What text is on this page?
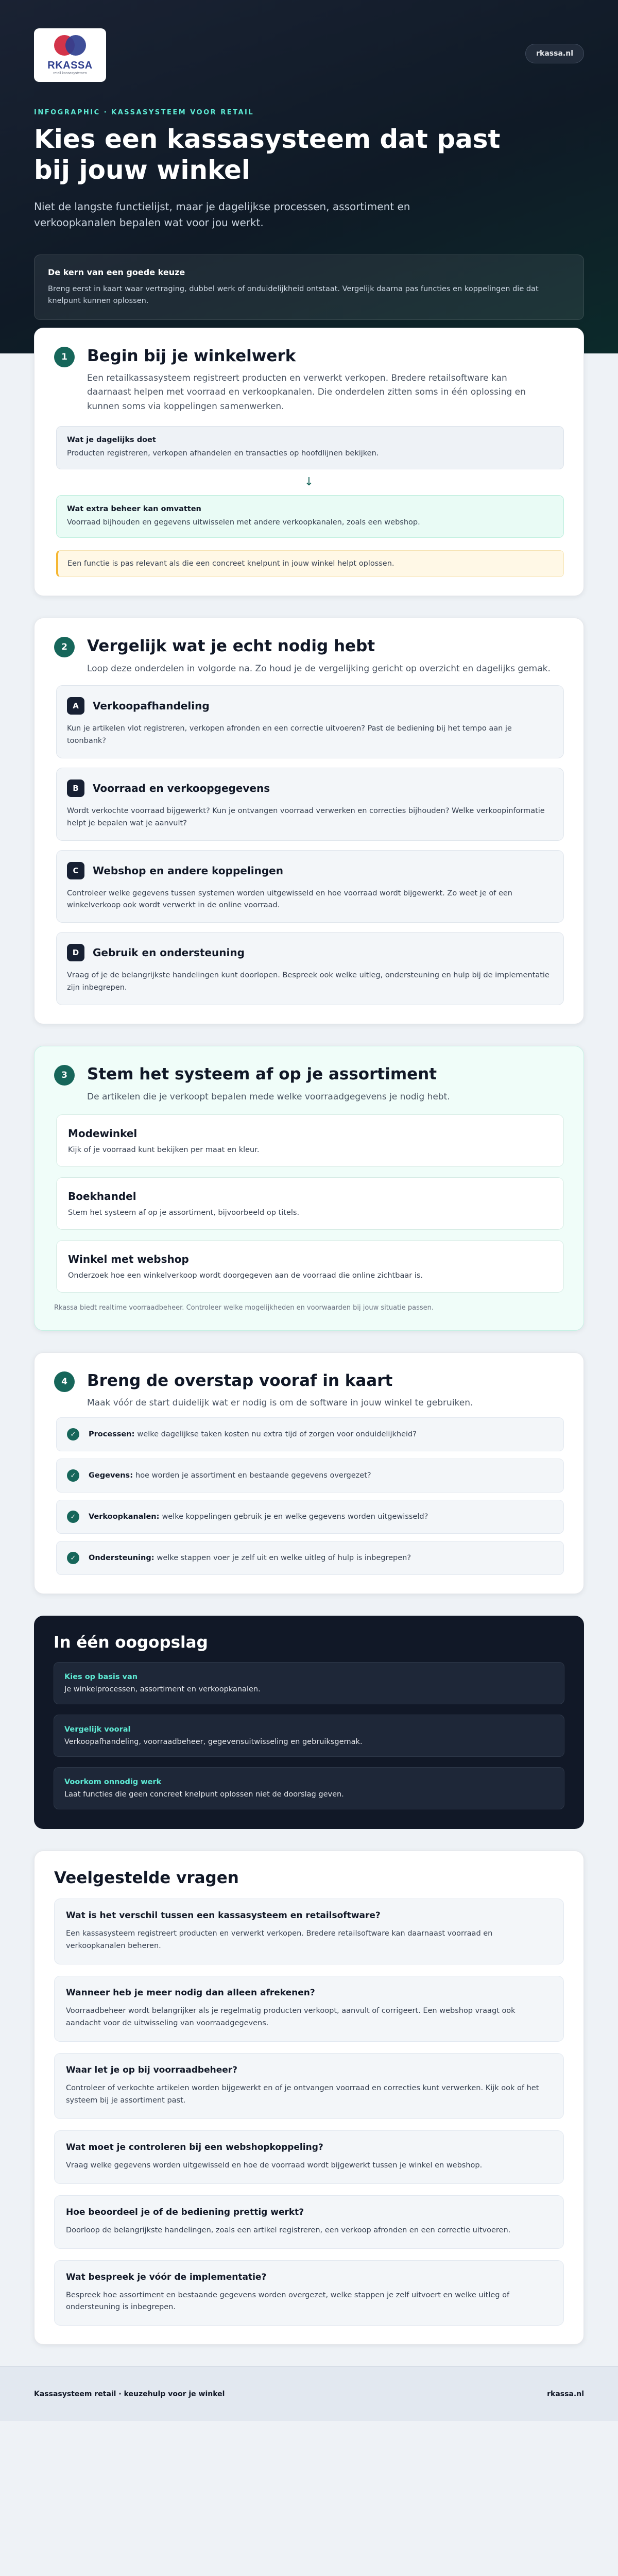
RKASSA
retail kassasystemen
rkassa.nl
INFOGRAPHIC · KASSASYSTEEM VOOR RETAIL
Kies een kassasysteem dat past bij jouw winkel

Niet de langste functielijst, maar je dagelijkse processen, assortiment en verkoopkanalen bepalen wat voor jou werkt.

De kern van een goede keuze

Breng eerst in kaart waar vertraging, dubbel werk of onduidelijkheid ontstaat. Vergelijk daarna pas functies en koppelingen die dat knelpunt kunnen oplossen.

1	Begin bij je winkelwerk

Een retailkassasysteem registreert producten en verwerkt verkopen. Bredere retailsoftware kan daarnaast helpen met voorraad en verkoopkanalen. Die onderdelen zitten soms in één oplossing en kunnen soms via koppelingen samenwerken.

Wat je dagelijks doet

Producten registreren, verkopen afhandelen en transacties op hoofdlijnen bekijken.

↓
Wat extra beheer kan omvatten

Voorraad bijhouden en gegevens uitwisselen met andere verkoopkanalen, zoals een webshop.

Een functie is pas relevant als die een concreet knelpunt in jouw winkel helpt oplossen.
2	Vergelijk wat je echt nodig hebt

Loop deze onderdelen in volgorde na. Zo houd je de vergelijking gericht op overzicht en dagelijks gemak.

A	Verkoopafhandeling

Kun je artikelen vlot registreren, verkopen afronden en een correctie uitvoeren? Past de bediening bij het tempo aan je toonbank?

B	Voorraad en verkoopgegevens

Wordt verkochte voorraad bijgewerkt? Kun je ontvangen voorraad verwerken en correcties bijhouden? Welke verkoopinformatie helpt je bepalen wat je aanvult?

C	Webshop en andere koppelingen

Controleer welke gegevens tussen systemen worden uitgewisseld en hoe voorraad wordt bijgewerkt. Zo weet je of een winkelverkoop ook wordt verwerkt in de online voorraad.

D	Gebruik en ondersteuning

Vraag of je de belangrijkste handelingen kunt doorlopen. Bespreek ook welke uitleg, ondersteuning en hulp bij de implementatie zijn inbegrepen.

3	Stem het systeem af op je assortiment

De artikelen die je verkoopt bepalen mede welke voorraadgegevens je nodig hebt.

Modewinkel

Kijk of je voorraad kunt bekijken per maat en kleur.

Boekhandel

Stem het systeem af op je assortiment, bijvoorbeeld op titels.

Winkel met webshop

Onderzoek hoe een winkelverkoop wordt doorgegeven aan de voorraad die online zichtbaar is.

Rkassa biedt realtime voorraadbeheer. Controleer welke mogelijkheden en voorwaarden bij jouw situatie passen.

4	Breng de overstap vooraf in kaart

Maak vóór de start duidelijk wat er nodig is om de software in jouw winkel te gebruiken.

✓	Processen: welke dagelijkse taken kosten nu extra tijd of zorgen voor onduidelijkheid?
✓	Gegevens: hoe worden je assortiment en bestaande gegevens overgezet?
✓	Verkoopkanalen: welke koppelingen gebruik je en welke gegevens worden uitgewisseld?
✓	Ondersteuning: welke stappen voer je zelf uit en welke uitleg of hulp is inbegrepen?
In één oogopslag
Kies op basis van

Je winkelprocessen, assortiment en verkoopkanalen.

Vergelijk vooral

Verkoopafhandeling, voorraadbeheer, gegevensuitwisseling en gebruiksgemak.

Voorkom onnodig werk

Laat functies die geen concreet knelpunt oplossen niet de doorslag geven.

Veelgestelde vragen
Wat is het verschil tussen een kassasysteem en retailsoftware?

Een kassasysteem registreert producten en verwerkt verkopen. Bredere retailsoftware kan daarnaast voorraad en verkoopkanalen beheren.

Wanneer heb je meer nodig dan alleen afrekenen?

Voorraadbeheer wordt belangrijker als je regelmatig producten verkoopt, aanvult of corrigeert. Een webshop vraagt ook aandacht voor de uitwisseling van voorraadgegevens.

Waar let je op bij voorraadbeheer?

Controleer of verkochte artikelen worden bijgewerkt en of je ontvangen voorraad en correcties kunt verwerken. Kijk ook of het systeem bij je assortiment past.

Wat moet je controleren bij een webshopkoppeling?

Vraag welke gegevens worden uitgewisseld en hoe de voorraad wordt bijgewerkt tussen je winkel en webshop.

Hoe beoordeel je of de bediening prettig werkt?

Doorloop de belangrijkste handelingen, zoals een artikel registreren, een verkoop afronden en een correctie uitvoeren.

Wat bespreek je vóór de implementatie?

Bespreek hoe assortiment en bestaande gegevens worden overgezet, welke stappen je zelf uitvoert en welke uitleg of ondersteuning is inbegrepen.

Kassasysteem retail · keuzehulp voor je winkel	rkassa.nl
